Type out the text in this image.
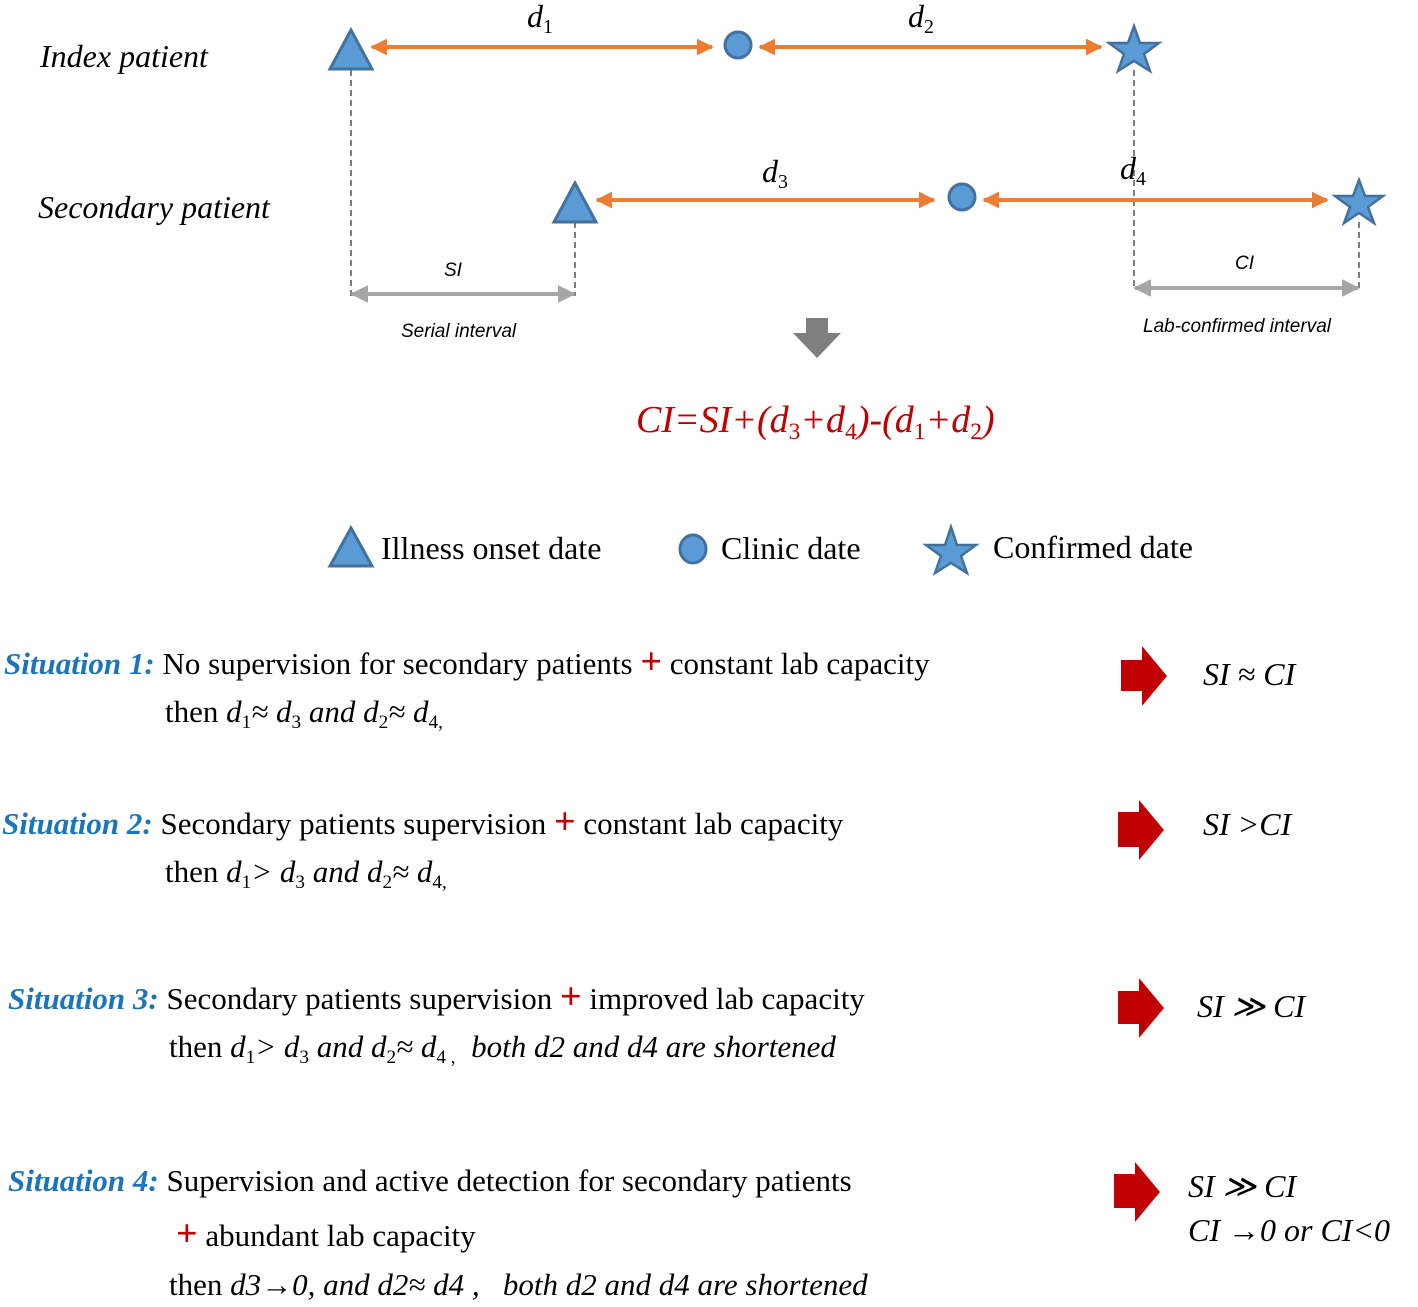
Index patient
Secondary patient
$d_1$	$d_2$
$d_3$	$d_4$
SI
Serial interval
CI
Lab-confirmed interval
$CI=SI+(d_3+d_4)-(d_1+d_2)$
Illness onset date	Clinic date	Confirmed date
Situation 1: No supervision for secondary patients + constant lab capacity
then $d_1\approx d_3$ and $d_2\approx d_{4,}$
SI ≈ CI
Situation 2: Secondary patients supervision + constant lab capacity
then $d_1> d_3$ and $d_2\approx d_{4,}$
SI >CI
Situation 3: Secondary patients supervision + improved lab capacity
then $d_1> d_3$ and $d_2\approx d_4$ $_,$ both d2 and d4 are shortened
SI ≫ CI
Situation 4: Supervision and active detection for secondary patients
+ abundant lab capacity
then d3→0, and d2≈ d4 , both d2 and d4 are shortened
SI ≫ CI
CI →0 or CI<0
